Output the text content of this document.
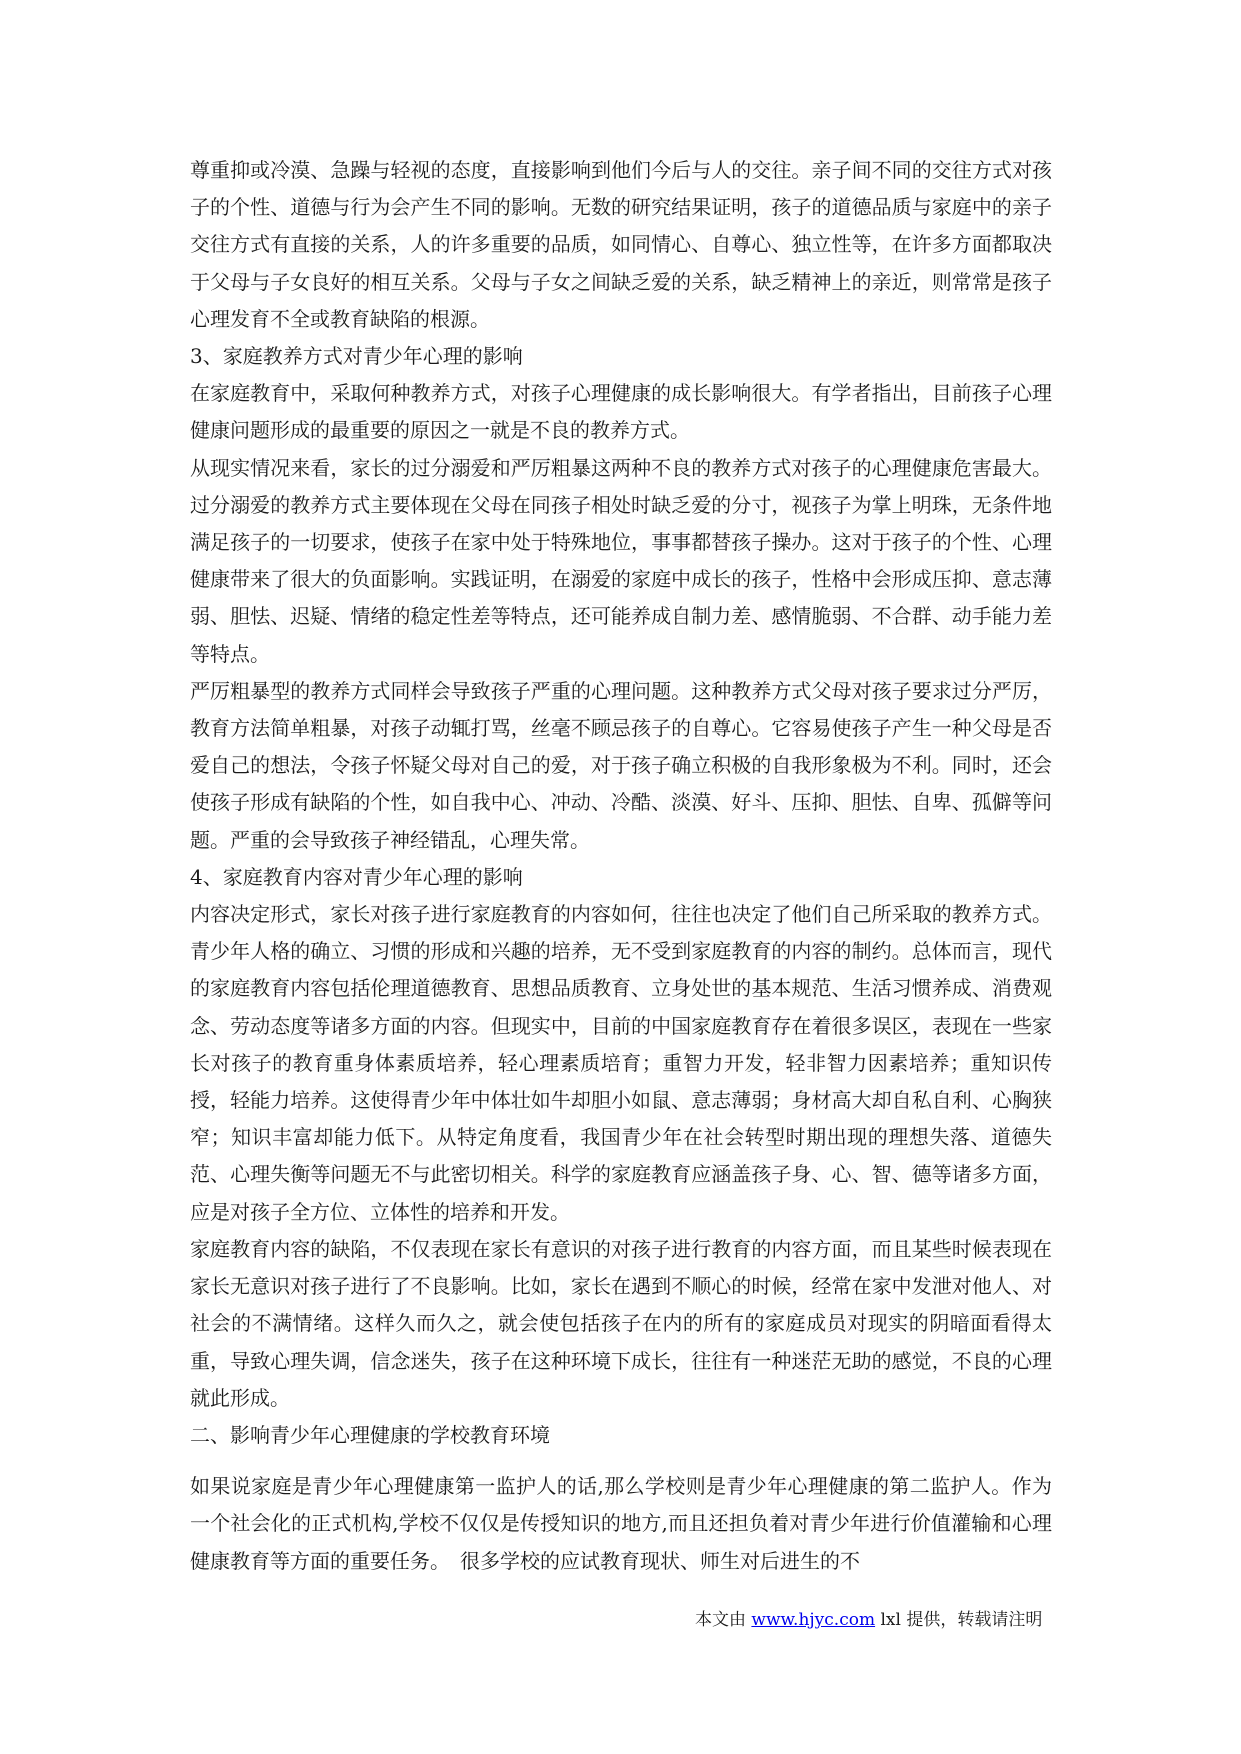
尊重抑或冷漠、急躁与轻视的态度，直接影响到他们今后与人的交往。亲子间不同的交往方式对孩子的个性、道德与行为会产生不同的影响。无数的研究结果证明，孩子的道德品质与家庭中的亲子交往方式有直接的关系，人的许多重要的品质，如同情心、自尊心、独立性等，在许多方面都取决于父母与子女良好的相互关系。父母与子女之间缺乏爱的关系，缺乏精神上的亲近，则常常是孩子心理发育不全或教育缺陷的根源。

3、家庭教养方式对青少年心理的影响

在家庭教育中，采取何种教养方式，对孩子心理健康的成长影响很大。有学者指出，目前孩子心理健康问题形成的最重要的原因之一就是不良的教养方式。

从现实情况来看，家长的过分溺爱和严厉粗暴这两种不良的教养方式对孩子的心理健康危害最大。过分溺爱的教养方式主要体现在父母在同孩子相处时缺乏爱的分寸，视孩子为掌上明珠，无条件地满足孩子的一切要求，使孩子在家中处于特殊地位，事事都替孩子操办。这对于孩子的个性、心理健康带来了很大的负面影响。实践证明，在溺爱的家庭中成长的孩子，性格中会形成压抑、意志薄弱、胆怯、迟疑、情绪的稳定性差等特点，还可能养成自制力差、感情脆弱、不合群、动手能力差等特点。

严厉粗暴型的教养方式同样会导致孩子严重的心理问题。这种教养方式父母对孩子要求过分严厉，教育方法简单粗暴，对孩子动辄打骂，丝毫不顾忌孩子的自尊心。它容易使孩子产生一种父母是否爱自己的想法，令孩子怀疑父母对自己的爱，对于孩子确立积极的自我形象极为不利。同时，还会使孩子形成有缺陷的个性，如自我中心、冲动、冷酷、淡漠、好斗、压抑、胆怯、自卑、孤僻等问题。严重的会导致孩子神经错乱，心理失常。

4、家庭教育内容对青少年心理的影响

内容决定形式，家长对孩子进行家庭教育的内容如何，往往也决定了他们自己所采取的教养方式。青少年人格的确立、习惯的形成和兴趣的培养，无不受到家庭教育的内容的制约。总体而言，现代的家庭教育内容包括伦理道德教育、思想品质教育、立身处世的基本规范、生活习惯养成、消费观念、劳动态度等诸多方面的内容。但现实中，目前的中国家庭教育存在着很多误区，表现在一些家长对孩子的教育重身体素质培养，轻心理素质培育；重智力开发，轻非智力因素培养；重知识传授，轻能力培养。这使得青少年中体壮如牛却胆小如鼠、意志薄弱；身材高大却自私自利、心胸狭窄；知识丰富却能力低下。从特定角度看，我国青少年在社会转型时期出现的理想失落、道德失范、心理失衡等问题无不与此密切相关。科学的家庭教育应涵盖孩子身、心、智、德等诸多方面，应是对孩子全方位、立体性的培养和开发。

家庭教育内容的缺陷，不仅表现在家长有意识的对孩子进行教育的内容方面，而且某些时候表现在家长无意识对孩子进行了不良影响。比如，家长在遇到不顺心的时候，经常在家中发泄对他人、对社会的不满情绪。这样久而久之，就会使包括孩子在内的所有的家庭成员对现实的阴暗面看得太重，导致心理失调，信念迷失，孩子在这种环境下成长，往往有一种迷茫无助的感觉，不良的心理就此形成。

二、影响青少年心理健康的学校教育环境

如果说家庭是青少年心理健康第一监护人的话,那么学校则是青少年心理健康的第二监护人。作为一个社会化的正式机构,学校不仅仅是传授知识的地方,而且还担负着对青少年进行价值灌输和心理健康教育等方面的重要任务。　很多学校的应试教育现状、师生对后进生的不

本文由 www.hjyc.com lxl 提供，转载请注明
